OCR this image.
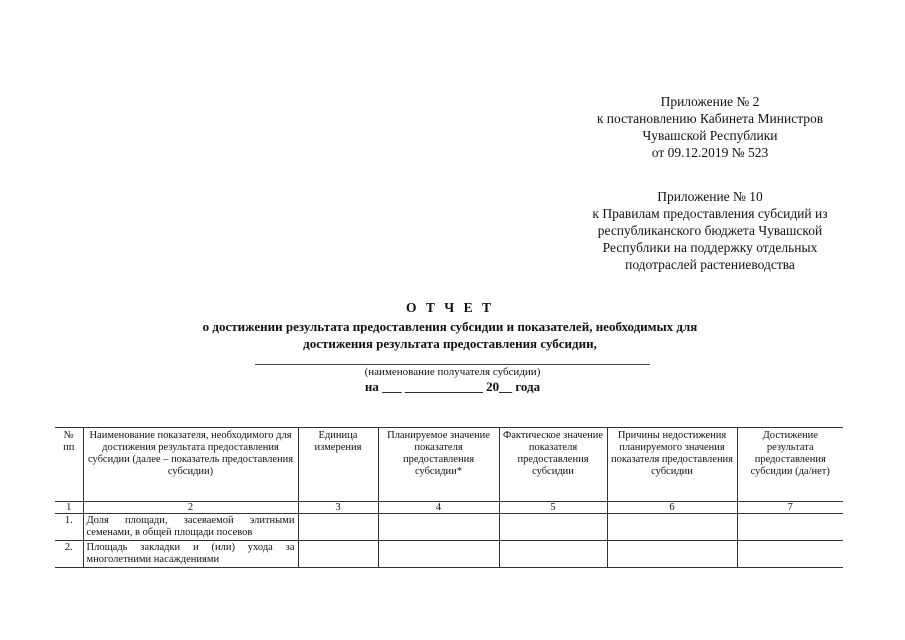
Приложение № 2
к постановлению Кабинета Министров
Чувашской Республики
от 09.12.2019 № 523
Приложение № 10
к Правилам предоставления субсидий из
республиканского бюджета Чувашской
Республики на поддержку отдельных
подотраслей растениеводства
О Т Ч Е Т
о достижении результата предоставления субсидии и показателей, необходимых для
достижения результата предоставления субсидии,
(наименование получателя субсидии)
на ___ ____________ 20__ года
№ пп	Наименование показателя, необходимого для достижения результата предоставления субсидии (далее – показатель предоставления субсидии)	Единица измерения	Планируемое значение показателя предоставления субсидии*	Фактическое значение показателя предоставления субсидии	Причины недостижения планируемого значения показателя предоставления субсидии	Достижение результата предоставления субсидии (да/нет)
1	2	3	4	5	6	7
1.	Доля площади, засеваемой элитными семенами, в общей площади посевов					
2.	Площадь закладки и (или) ухода за многолетними насаждениями					
